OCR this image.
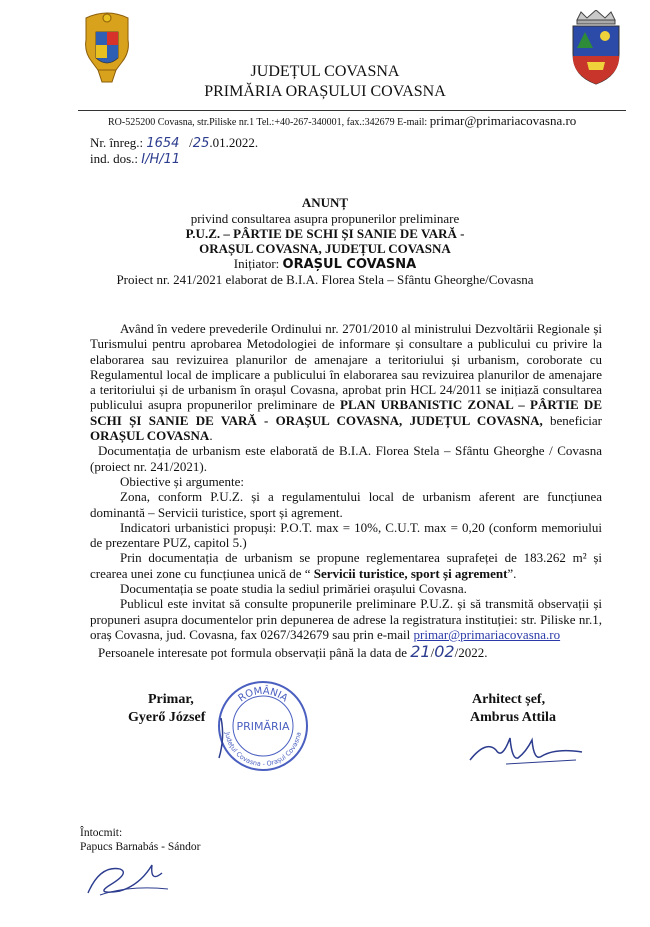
JUDEȚUL COVASNA
PRIMĂRIA ORAȘULUI COVASNA
RO-525200 Covasna, str.Piliske nr.1 Tel.:+40-267-340001, fax.:342679 E-mail: primar@primariacovasna.ro
Nr. înreg.: 1654   /25.01.2022.
ind. dos.: I/H/11
ANUNȚ
privind consultarea asupra propunerilor preliminare
P.U.Z. – PÂRTIE DE SCHI ȘI SANIE DE VARĂ -
ORAȘUL COVASNA, JUDEȚUL COVASNA
Inițiator: ORAȘUL COVASNA
Proiect nr. 241/2021 elaborat de B.I.A. Florea Stela – Sfântu Gheorghe/Covasna

Având în vedere prevederile Ordinului nr. 2701/2010 al ministrului Dezvoltării Regionale și Turismului pentru aprobarea Metodologiei de informare și consultare a publicului cu privire la elaborarea sau revizuirea planurilor de amenajare a teritoriului și urbanism, coroborate cu Regulamentul local de implicare a publicului în elaborarea sau revizuirea planurilor de amenajare a teritoriului și de urbanism în orașul Covasna, aprobat prin HCL 24/2011 se inițiază consultarea publicului asupra propunerilor preliminare de PLAN URBANISTIC ZONAL – PÂRTIE DE SCHI ȘI SANIE DE VARĂ - ORAȘUL COVASNA, JUDEȚUL COVASNA, beneficiar ORAȘUL COVASNA.

Documentația de urbanism este elaborată de B.I.A. Florea Stela – Sfântu Gheorghe / Covasna (proiect nr. 241/2021).

Obiective și argumente:

Zona, conform P.U.Z. și a regulamentului local de urbanism aferent are funcțiunea dominantă – Servicii turistice, sport și agrement.

Indicatori urbanistici propuși: P.O.T. max = 10%, C.U.T. max = 0,20 (conform memoriului de prezentare PUZ, capitol 5.)

Prin documentația de urbanism se propune reglementarea suprafeței de 183.262 m² și crearea unei zone cu funcțiunea unică de “ Servicii turistice, sport și agrement”.

Documentația se poate studia la sediul primăriei orașului Covasna.

Publicul este invitat să consulte propunerile preliminare P.U.Z. și să transmită observații și propuneri asupra documentelor prin depunerea de adrese la registratura instituției: str. Piliske nr.1, oraș Covasna, jud. Covasna, fax 0267/342679 sau prin e-mail primar@primariacovasna.ro

Persoanele interesate pot formula observații până la data de 21/02/2022.

Primar,
Gyerő József
Arhitect șef,
Ambrus Attila
ROMÂNIA
PRIMĂRIA
Județul Covasna - Orașul Covasna
Întocmit:
Papucs Barnabás - Sándor
